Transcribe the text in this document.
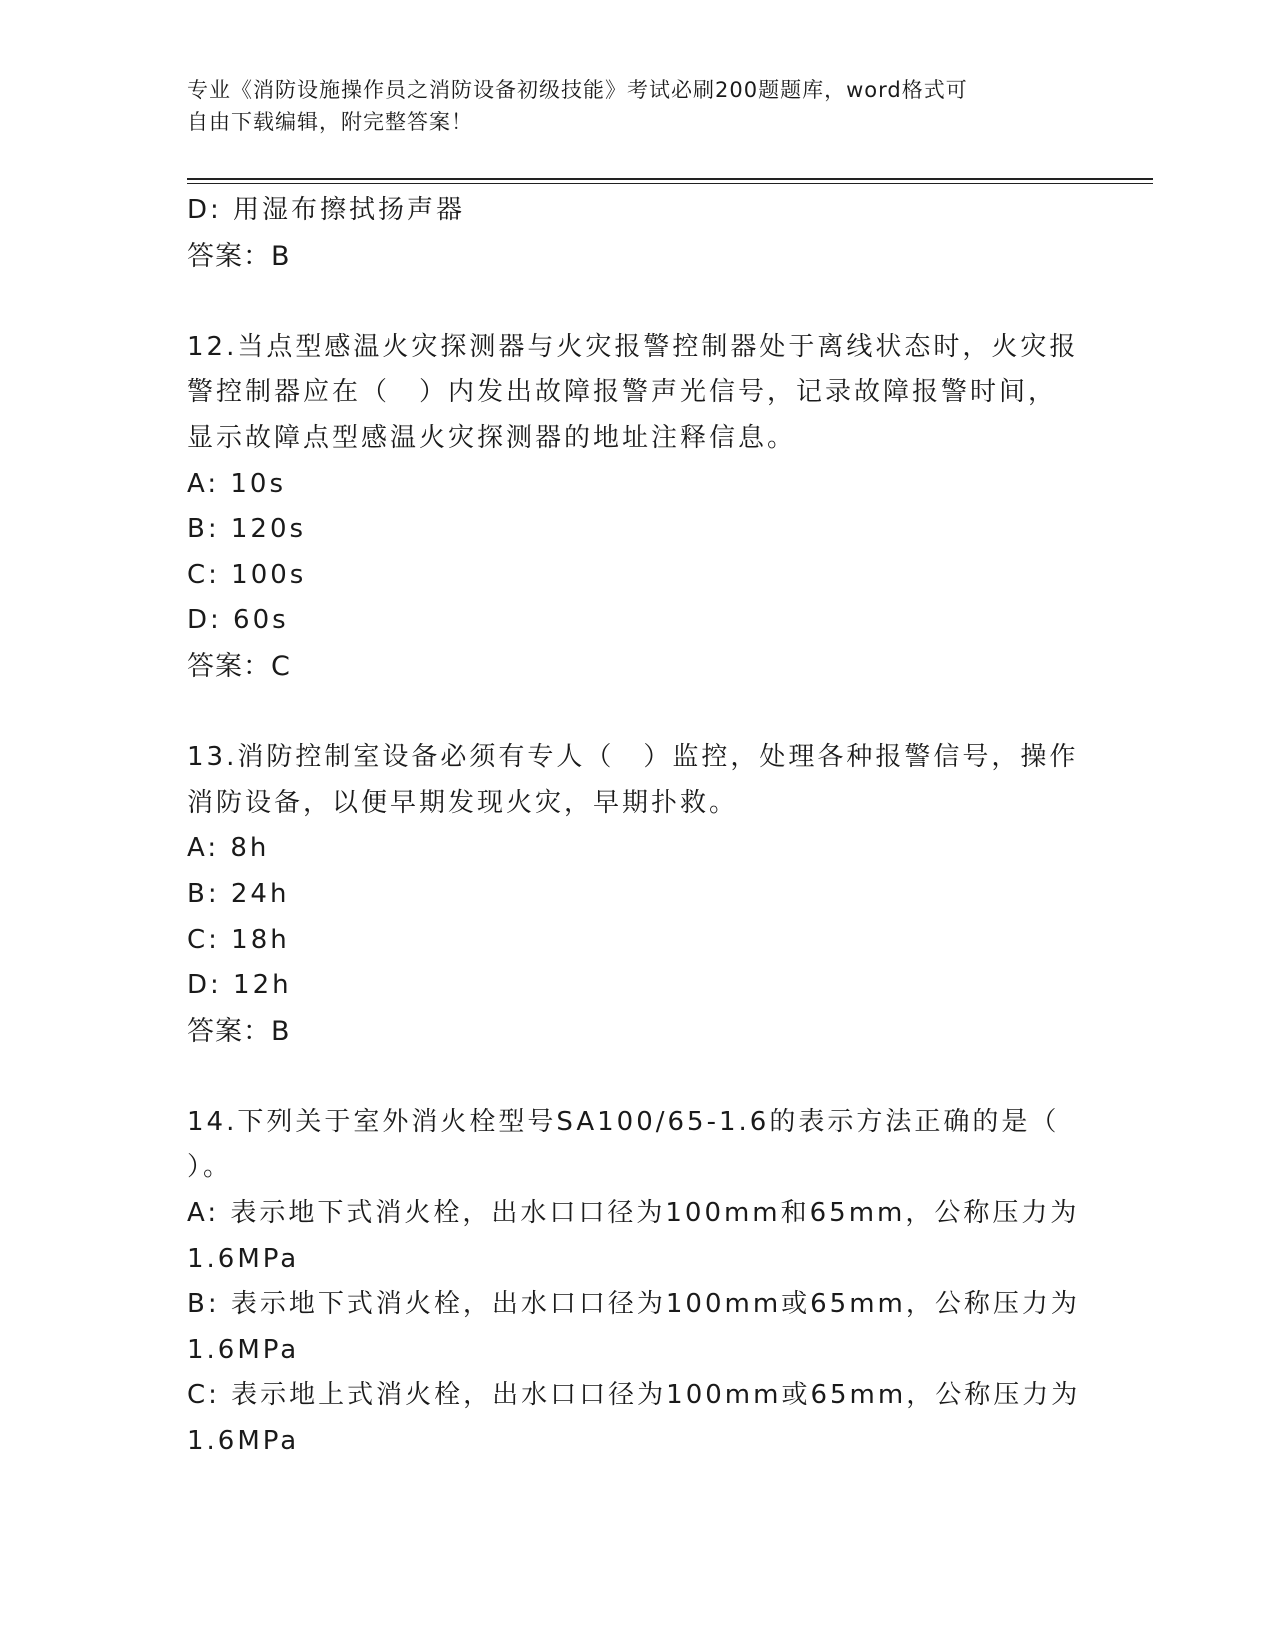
专业《消防设施操作员之消防设备初级技能》考试必刷200题题库，word格式可
自由下载编辑，附完整答案！
D: 用湿布擦拭扬声器
答案：B
12.当点型感温火灾探测器与火灾报警控制器处于离线状态时，火灾报
警控制器应在（　）内发出故障报警声光信号，记录故障报警时间，
显示故障点型感温火灾探测器的地址注释信息。
A: 10s
B: 120s
C: 100s
D: 60s
答案：C
13.消防控制室设备必须有专人（　）监控，处理各种报警信号，操作
消防设备，以便早期发现火灾，早期扑救。
A: 8h
B: 24h
C: 18h
D: 12h
答案：B
14.下列关于室外消火栓型号SA100/65-1.6的表示方法正确的是（
）。
A: 表示地下式消火栓，出水口口径为100mm和65mm，公称压力为
1.6MPa
B: 表示地下式消火栓，出水口口径为100mm或65mm，公称压力为
1.6MPa
C: 表示地上式消火栓，出水口口径为100mm或65mm，公称压力为
1.6MPa
